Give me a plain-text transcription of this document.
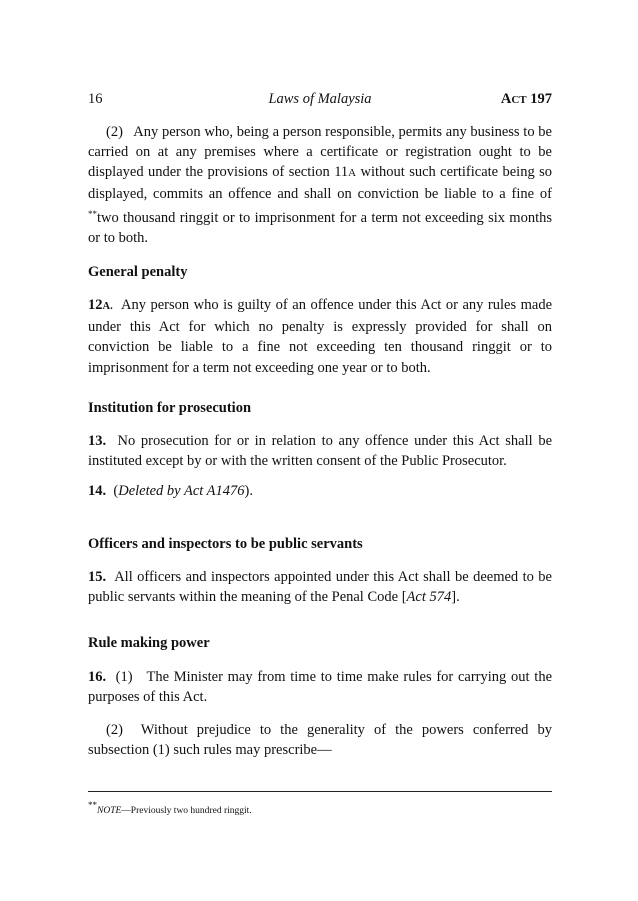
16	Laws of Malaysia	ACT 197
(2) Any person who, being a person responsible, permits any business to be carried on at any premises where a certificate or registration ought to be displayed under the provisions of section 11A without such certificate being so displayed, commits an offence and shall on conviction be liable to a fine of **two thousand ringgit or to imprisonment for a term not exceeding six months or to both.
General penalty
12A. Any person who is guilty of an offence under this Act or any rules made under this Act for which no penalty is expressly provided for shall on conviction be liable to a fine not exceeding ten thousand ringgit or to imprisonment for a term not exceeding one year or to both.
Institution for prosecution
13. No prosecution for or in relation to any offence under this Act shall be instituted except by or with the written consent of the Public Prosecutor.
14. (Deleted by Act A1476).
Officers and inspectors to be public servants
15. All officers and inspectors appointed under this Act shall be deemed to be public servants within the meaning of the Penal Code [Act 574].
Rule making power
16. (1) The Minister may from time to time make rules for carrying out the purposes of this Act.
(2) Without prejudice to the generality of the powers conferred by subsection (1) such rules may prescribe—
**NOTE—Previously two hundred ringgit.
